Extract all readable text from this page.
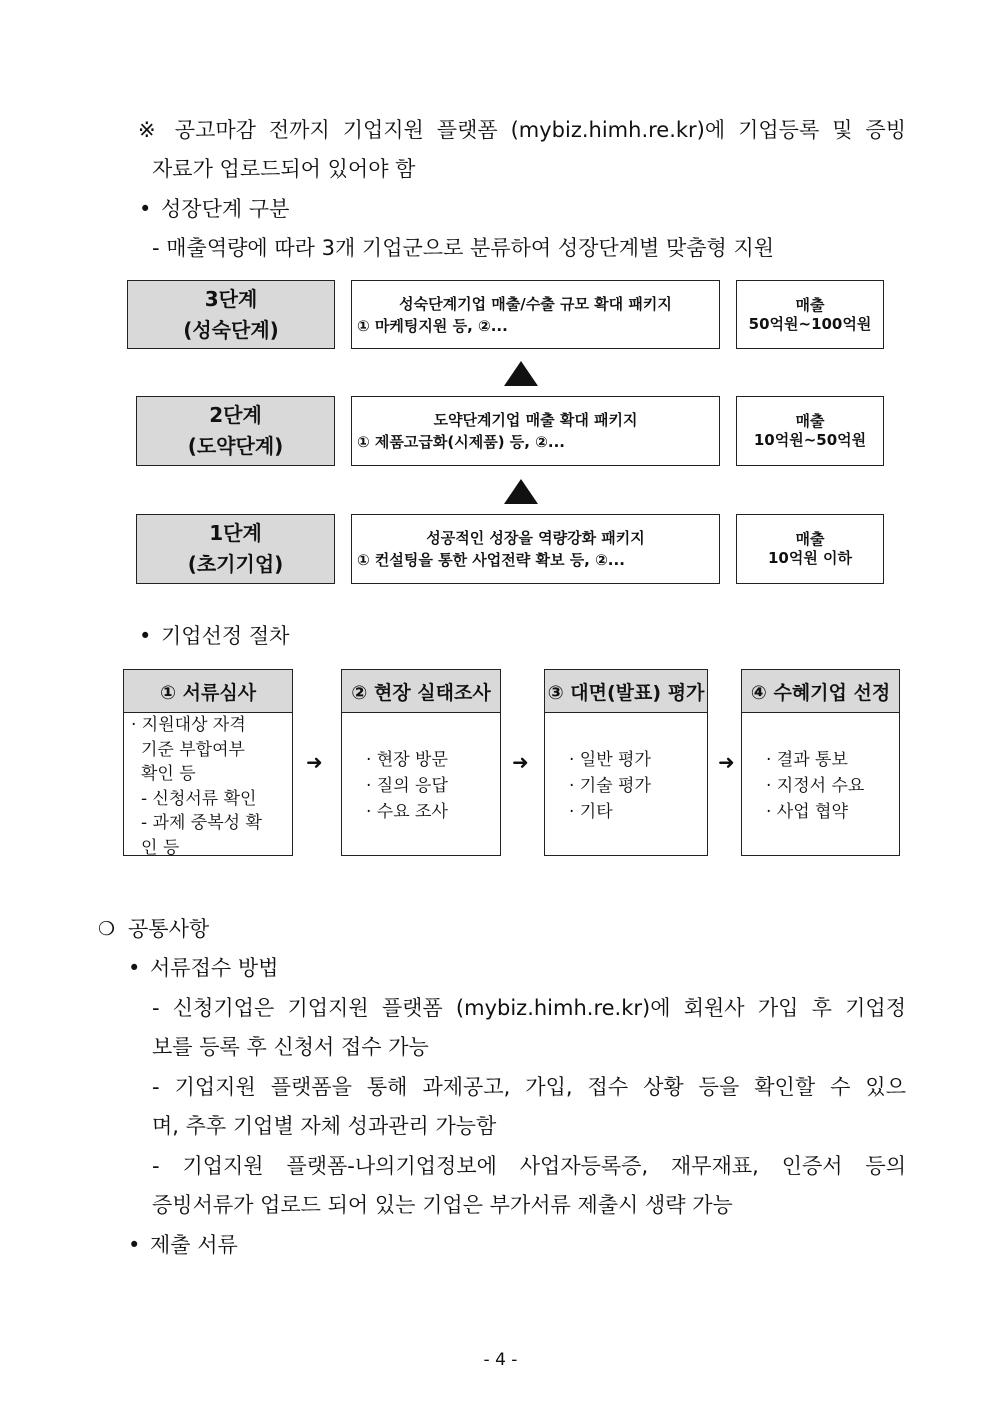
※ 공고마감 전까지 기업지원 플랫폼 (mybiz.himh.re.kr)에 기업등록 및 증빙
자료가 업로드되어 있어야 함
• 성장단계 구분
- 매출역량에 따라 3개 기업군으로 분류하여 성장단계별 맞춤형 지원
3단계
(성숙단계)
성숙단계기업 매출/수출 규모 확대 패키지
① 마케팅지원 등, ②...
매출
50억원~100억원
2단계
(도약단계)
도약단계기업 매출 확대 패키지
① 제품고급화(시제품) 등, ②...
매출
10억원~50억원
1단계
(초기기업)
성공적인 성장을 역량강화 패키지
① 컨설팅을 통한 사업전략 확보 등, ②...
매출
10억원 이하
• 기업선정 절차
① 서류심사
· 지원대상 자격
기준 부합여부
확인 등
- 신청서류 확인
- 과제 중복성 확
인 등
➜
② 현장 실태조사
· 현장 방문
· 질의 응답
· 수요 조사
➜
③ 대면(발표) 평가
· 일반 평가
· 기술 평가
· 기타
➜
④ 수혜기업 선정
· 결과 통보
· 지정서 수요
· 사업 협약
❍ 공통사항
• 서류접수 방법
- 신청기업은 기업지원 플랫폼 (mybiz.himh.re.kr)에 회원사 가입 후 기업정
보를 등록 후 신청서 접수 가능
- 기업지원 플랫폼을 통해 과제공고, 가입, 접수 상황 등을 확인할 수 있으
며, 추후 기업별 자체 성과관리 가능함
- 기업지원 플랫폼-나의기업정보에 사업자등록증, 재무재표, 인증서 등의
증빙서류가 업로드 되어 있는 기업은 부가서류 제출시 생략 가능
• 제출 서류
- 4 -
